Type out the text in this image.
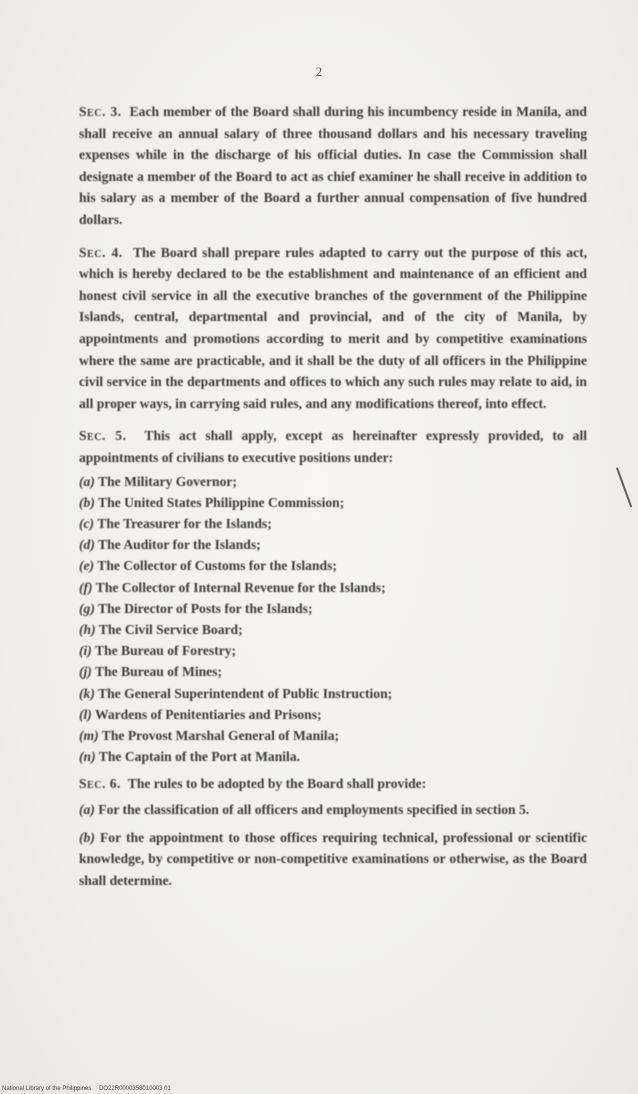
2

Sec. 3. Each member of the Board shall during his incumbency reside in Manila, and shall receive an annual salary of three thousand dollars and his necessary traveling expenses while in the discharge of his official duties. In case the Commission shall designate a member of the Board to act as chief examiner he shall receive in addition to his salary as a member of the Board a further annual compensation of five hundred dollars.

Sec. 4. The Board shall prepare rules adapted to carry out the purpose of this act, which is hereby declared to be the establishment and maintenance of an efficient and honest civil service in all the executive branches of the government of the Philippine Islands, central, departmental and provincial, and of the city of Manila, by appointments and promotions according to merit and by competitive examinations where the same are practicable, and it shall be the duty of all officers in the Philippine civil service in the departments and offices to which any such rules may relate to aid, in all proper ways, in carrying said rules, and any modifications thereof, into effect.

Sec. 5. This act shall apply, except as hereinafter expressly provided, to all appointments of civilians to executive positions under:

(a) The Military Governor;
(b) The United States Philippine Commission;
(c) The Treasurer for the Islands;
(d) The Auditor for the Islands;
(e) The Collector of Customs for the Islands;
(f) The Collector of Internal Revenue for the Islands;
(g) The Director of Posts for the Islands;
(h) The Civil Service Board;
(i) The Bureau of Forestry;
(j) The Bureau of Mines;
(k) The General Superintendent of Public Instruction;
(l) Wardens of Penitentiaries and Prisons;
(m) The Provost Marshal General of Manila;
(n) The Captain of the Port at Manila.

Sec. 6. The rules to be adopted by the Board shall provide:

(a) For the classification of all officers and employments specified in section 5.

(b) For the appointment to those offices requiring technical, professional or scientific knowledge, by competitive or non-competitive examinations or otherwise, as the Board shall determine.

National Library of the Philippines DO22R0000358010003 01
